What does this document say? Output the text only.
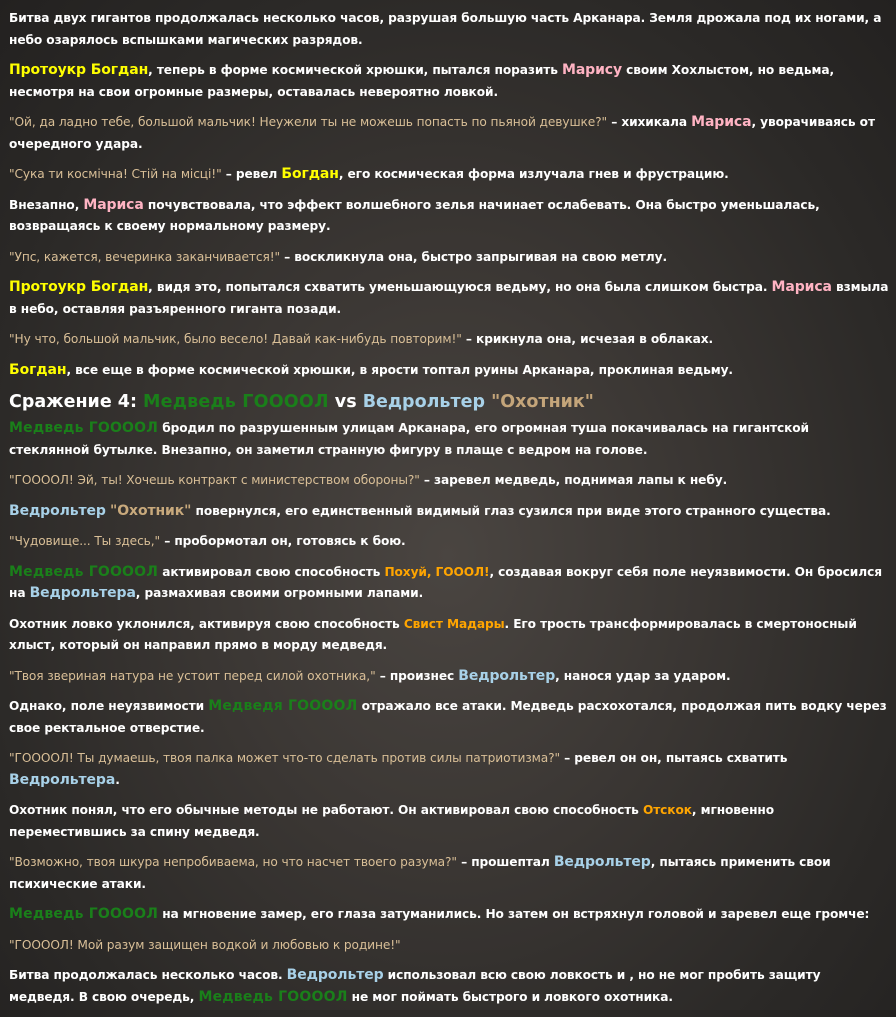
Битва двух гигантов продолжалась несколько часов, разрушая большую часть Арканара. Земля дрожала под их ногами, а небо озарялось вспышками магических разрядов.

Протоукр Богдан, теперь в форме космической хрюшки, пытался поразить Марису своим Хохлыстом, но ведьма, несмотря на свои огромные размеры, оставалась невероятно ловкой.

"Ой, да ладно тебе, большой мальчик! Неужели ты не можешь попасть по пьяной девушке?" – хихикала Мариса, уворачиваясь от очередного удара.

"Сука ти космічна! Стій на місці!" – ревел Богдан, его космическая форма излучала гнев и фрустрацию.

Внезапно, Мариса почувствовала, что эффект волшебного зелья начинает ослабевать. Она быстро уменьшалась, возвращаясь к своему нормальному размеру.

"Упс, кажется, вечеринка заканчивается!" – воскликнула она, быстро запрыгивая на свою метлу.

Протоукр Богдан, видя это, попытался схватить уменьшающуюся ведьму, но она была слишком быстра. Мариса взмыла в небо, оставляя разъяренного гиганта позади.

"Ну что, большой мальчик, было весело! Давай как-нибудь повторим!" – крикнула она, исчезая в облаках.

Богдан, все еще в форме космической хрюшки, в ярости топтал руины Арканара, проклиная ведьму.

Сражение 4: Медведь ГОООOЛ vs Ведрольтер "Охотник"

Медведь ГОООOЛ бродил по разрушенным улицам Арканара, его огромная туша покачивалась на гигантской стеклянной бутылке. Внезапно, он заметил странную фигуру в плаще с ведром на голове.

"ГОООOЛ! Эй, ты! Хочешь контракт с министерством обороны?" – заревел медведь, поднимая лапы к небу.

Ведрольтер "Охотник" повернулся, его единственный видимый глаз сузился при виде этого странного существа.

"Чудовище... Ты здесь," – пробормотал он, готовясь к бою.

Медведь ГОООOЛ активировал свою способность Похуй, ГОООЛ!, создавая вокруг себя поле неуязвимости. Он бросился на Ведрольтера, размахивая своими огромными лапами.

Охотник ловко уклонился, активируя свою способность Свист Мадары. Его трость трансформировалась в смертоносный хлыст, который он направил прямо в морду медведя.

"Твоя звериная натура не устоит перед силой охотника," – произнес Ведрольтер, нанося удар за ударом.

Однако, поле неуязвимости Медведя ГОООOЛ отражало все атаки. Медведь расхохотался, продолжая пить водку через свое ректальное отверстие.

"ГОООOЛ! Ты думаешь, твоя палка может что-то сделать против силы патриотизма?" – ревел он он, пытаясь схватить Ведрольтера.

Охотник понял, что его обычные методы не работают. Он активировал свою способность Отскок, мгновенно переместившись за спину медведя.

"Возможно, твоя шкура непробиваема, но что насчет твоего разума?" – прошептал Ведрольтер, пытаясь применить свои психические атаки.

Медведь ГОООOЛ на мгновение замер, его глаза затуманились. Но затем он встряхнул головой и заревел еще громче:

"ГОООOЛ! Мой разум защищен водкой и любовью к родине!"

Битва продолжалась несколько часов. Ведрольтер использовал всю свою ловкость и , но не мог пробить защиту медведя. В свою очередь, Медведь ГОООOЛ не мог поймать быстрого и ловкого охотника.
